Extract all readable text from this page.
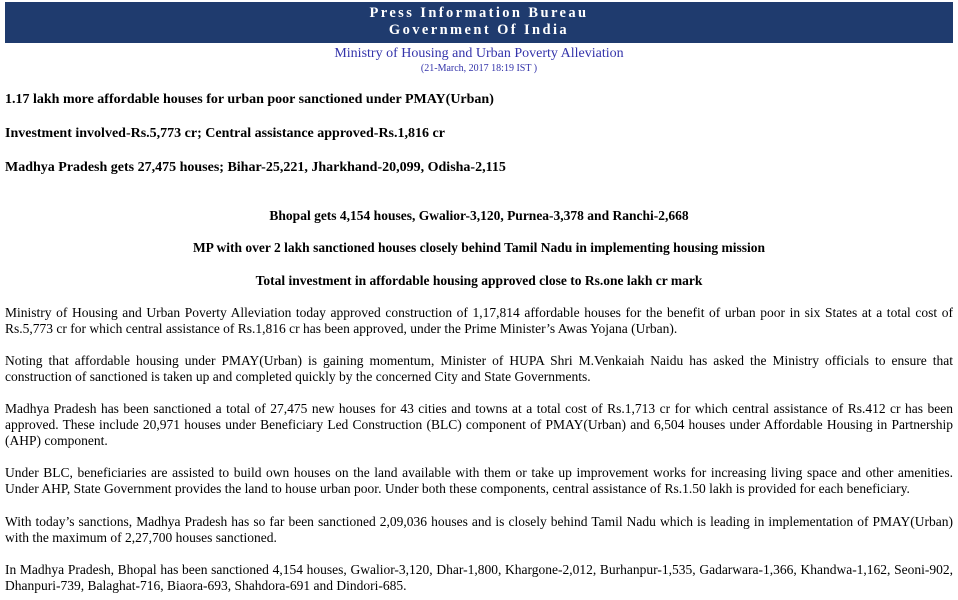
Press Information Bureau
Government Of India
Ministry of Housing and Urban Poverty Alleviation
(21-March, 2017 18:19 IST )
1.17 lakh more affordable houses for urban poor sanctioned under PMAY(Urban)
Investment involved-Rs.5,773 cr; Central assistance approved-Rs.1,816 cr
Madhya Pradesh gets 27,475 houses; Bihar-25,221, Jharkhand-20,099, Odisha-2,115
Bhopal gets 4,154 houses, Gwalior-3,120, Purnea-3,378 and Ranchi-2,668
MP with over 2 lakh sanctioned houses closely behind Tamil Nadu in implementing housing mission
Total investment in affordable housing approved close to Rs.one lakh cr mark
Ministry of Housing and Urban Poverty Alleviation today approved construction of 1,17,814 affordable houses for the benefit of urban poor in six States at a total cost of Rs.5,773 cr for which central assistance of Rs.1,816 cr has been approved, under the Prime Minister’s Awas Yojana (Urban).
Noting that affordable housing under PMAY(Urban) is gaining momentum, Minister of HUPA Shri M.Venkaiah Naidu has asked the Ministry officials to ensure that construction of sanctioned is taken up and completed quickly by the concerned City and State Governments.
Madhya Pradesh has been sanctioned a total of 27,475 new houses for 43 cities and towns at a total cost of Rs.1,713 cr for which central assistance of Rs.412 cr has been approved. These include 20,971 houses under Beneficiary Led Construction (BLC) component of PMAY(Urban) and 6,504 houses under Affordable Housing in Partnership (AHP) component.
Under BLC, beneficiaries are assisted to build own houses on the land available with them or take up improvement works for increasing living space and other amenities. Under AHP, State Government provides the land to house urban poor. Under both these components, central assistance of Rs.1.50 lakh is provided for each beneficiary.
With today’s sanctions, Madhya Pradesh has so far been sanctioned 2,09,036 houses and is closely behind Tamil Nadu which is leading in implementation of PMAY(Urban) with the maximum of 2,27,700 houses sanctioned.
In Madhya Pradesh, Bhopal has been sanctioned 4,154 houses, Gwalior-3,120, Dhar-1,800, Khargone-2,012, Burhanpur-1,535, Gadarwara-1,366, Khandwa-1,162, Seoni-902, Dhanpuri-739, Balaghat-716, Biaora-693, Shahdora-691 and Dindori-685.
